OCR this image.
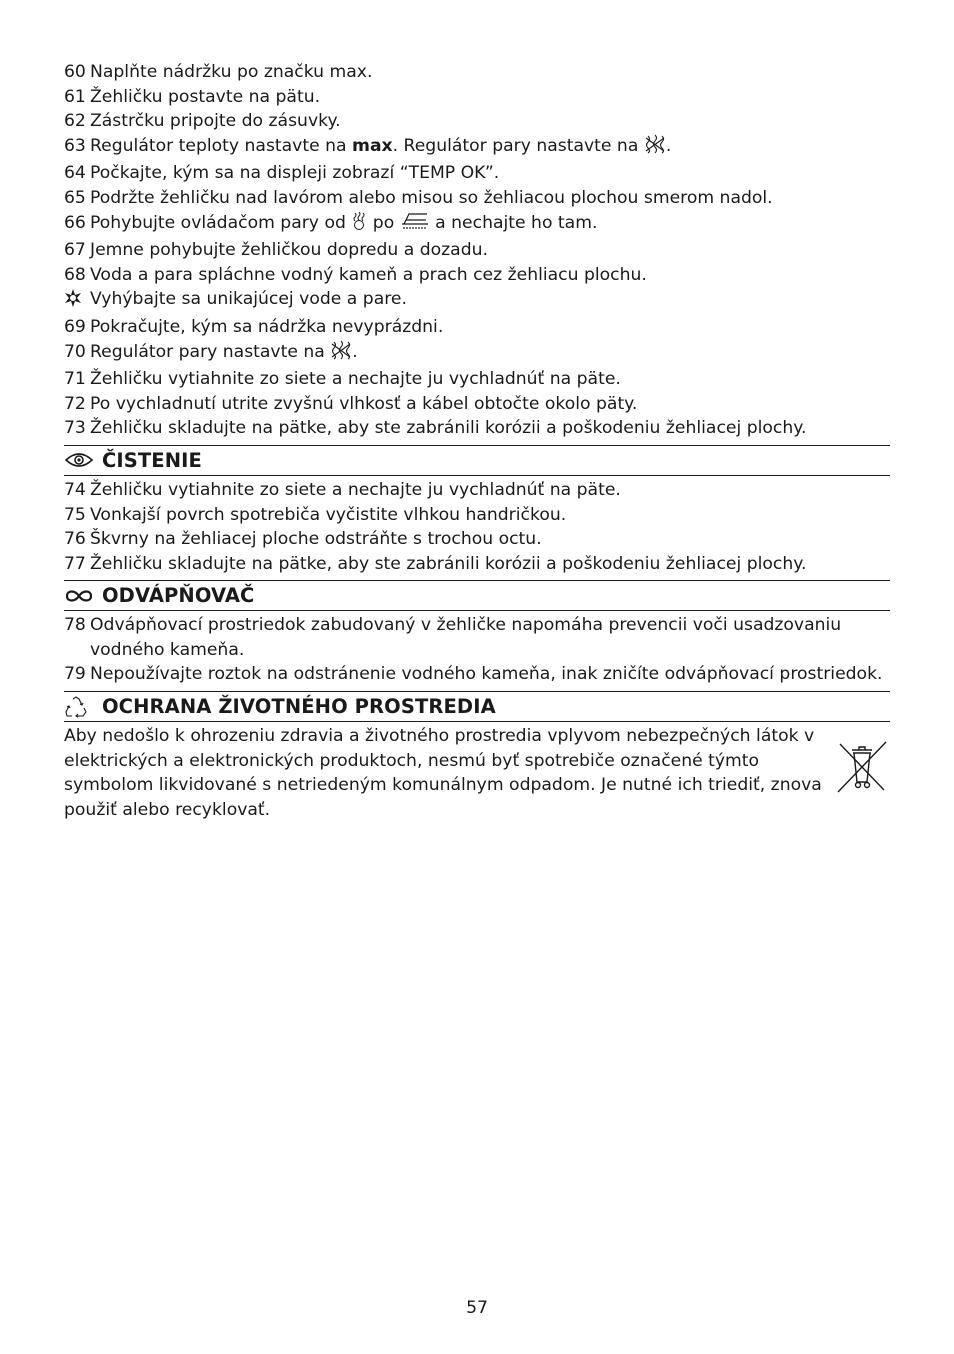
60 Naplňte nádržku po značku max.
61 Žehličku postavte na pätu.
62 Zástrčku pripojte do zásuvky.
63 Regulátor teploty nastavte na max. Regulátor pary nastavte na .
64 Počkajte, kým sa na displeji zobrazí “TEMP OK”.
65 Podržte žehličku nad lavórom alebo misou so žehliacou plochou smerom nadol.
66 Pohybujte ovládačom pary od  po  a nechajte ho tam.
67 Jemne pohybujte žehličkou dopredu a dozadu.
68 Voda a para spláchne vodný kameň a prach cez žehliacu plochu.
Vyhýbajte sa unikajúcej vode a pare.
69 Pokračujte, kým sa nádržka nevyprázdni.
70 Regulátor pary nastavte na .
71 Žehličku vytiahnite zo siete a nechajte ju vychladnúť na päte.
72 Po vychladnutí utrite zvyšnú vlhkosť a kábel obtočte okolo päty.
73 Žehličku skladujte na pätke, aby ste zabránili korózii a poškodeniu žehliacej plochy.
ČISTENIE
74 Žehličku vytiahnite zo siete a nechajte ju vychladnúť na päte.
75 Vonkajší povrch spotrebiča vyčistite vlhkou handričkou.
76 Škvrny na žehliacej ploche odstráňte s trochou octu.
77 Žehličku skladujte na pätke, aby ste zabránili korózii a poškodeniu žehliacej plochy.
ODVÁPŇOVAČ
78 Odvápňovací prostriedok zabudovaný v žehličke napomáha prevencii voči usadzovaniu vodného kameňa.
79 Nepoužívajte roztok na odstránenie vodného kameňa, inak zničíte odvápňovací prostriedok.
OCHRANA ŽIVOTNÉHO PROSTREDIA
Aby nedošlo k ohrozeniu zdravia a životného prostredia vplyvom nebezpečných látok v elektrických a elektronických produktoch, nesmú byť spotrebiče označené týmto symbolom likvidované s netriedeným komunálnym odpadom. Je nutné ich triediť, znova použiť alebo recyklovať.
57
